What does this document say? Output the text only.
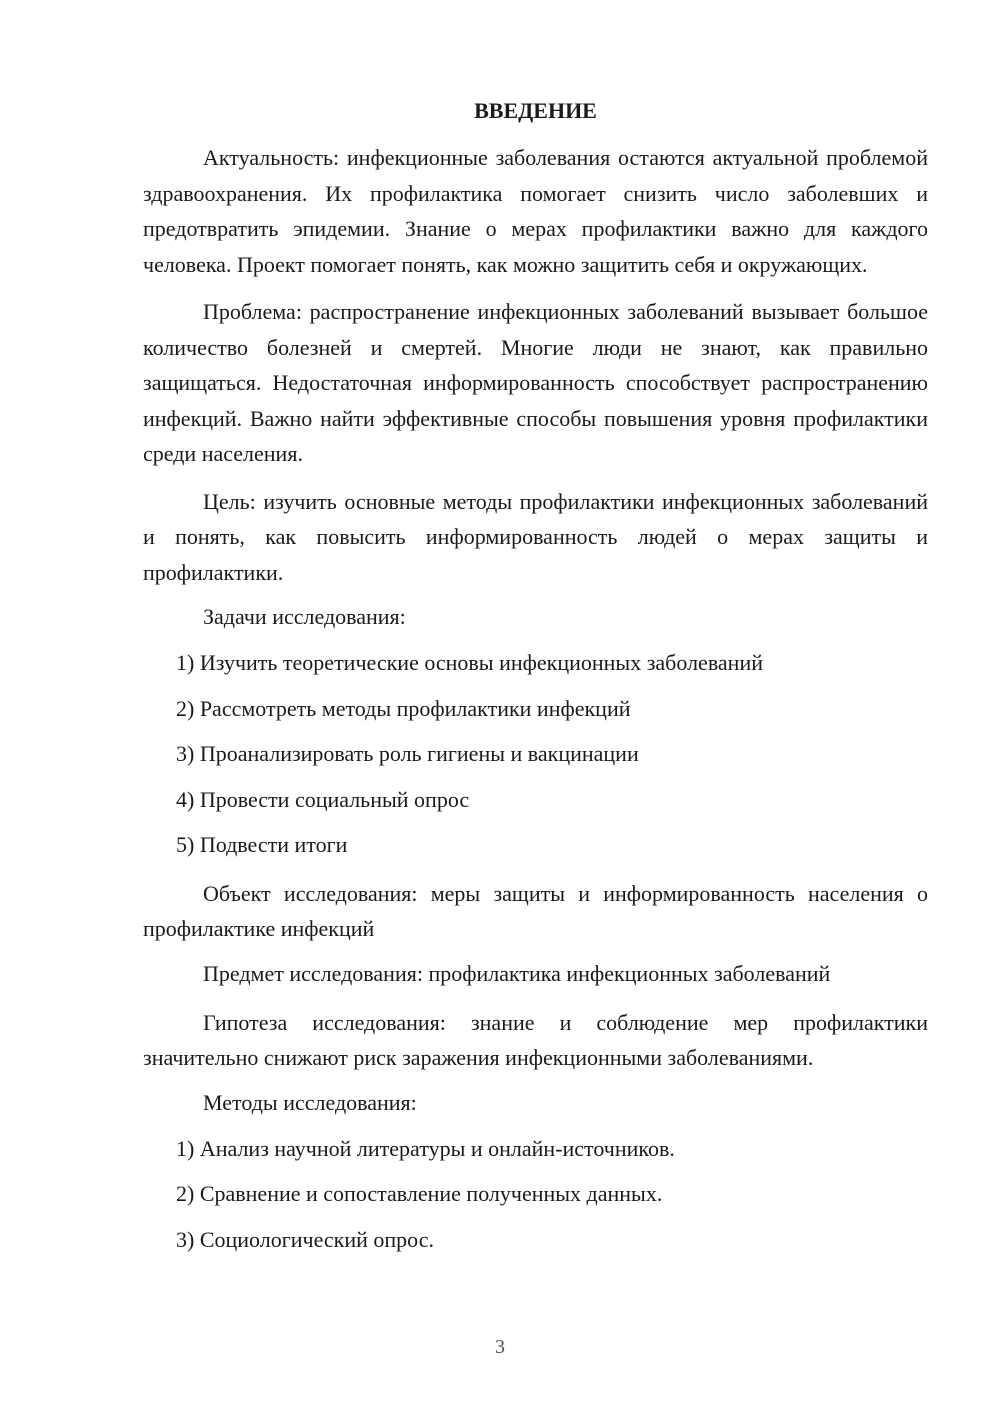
ВВЕДЕНИЕ

Актуальность: инфекционные заболевания остаются актуальной проблемой здравоохранения. Их профилактика помогает снизить число заболевших и предотвратить эпидемии. Знание о мерах профилактики важно для каждого человека. Проект помогает понять, как можно защитить себя и окружающих.

Проблема: распространение инфекционных заболеваний вызывает большое количество болезней и смертей. Многие люди не знают, как правильно защищаться. Недостаточная информированность способствует распространению инфекций. Важно найти эффективные способы повышения уровня профилактики среди населения.

Цель: изучить основные методы профилактики инфекционных заболеваний и понять, как повысить информированность людей о мерах защиты и профилактики.

Задачи исследования:

1) Изучить теоретические основы инфекционных заболеваний
2) Рассмотреть методы профилактики инфекций
3) Проанализировать роль гигиены и вакцинации
4) Провести социальный опрос
5) Подвести итоги

Объект исследования: меры защиты и информированность населения о профилактике инфекций

Предмет исследования: профилактика инфекционных заболеваний

Гипотеза исследования: знание и соблюдение мер профилактики значительно снижают риск заражения инфекционными заболеваниями.

Методы исследования:

1) Анализ научной литературы и онлайн-источников.
2) Сравнение и сопоставление полученных данных.
3) Социологический опрос.
3
